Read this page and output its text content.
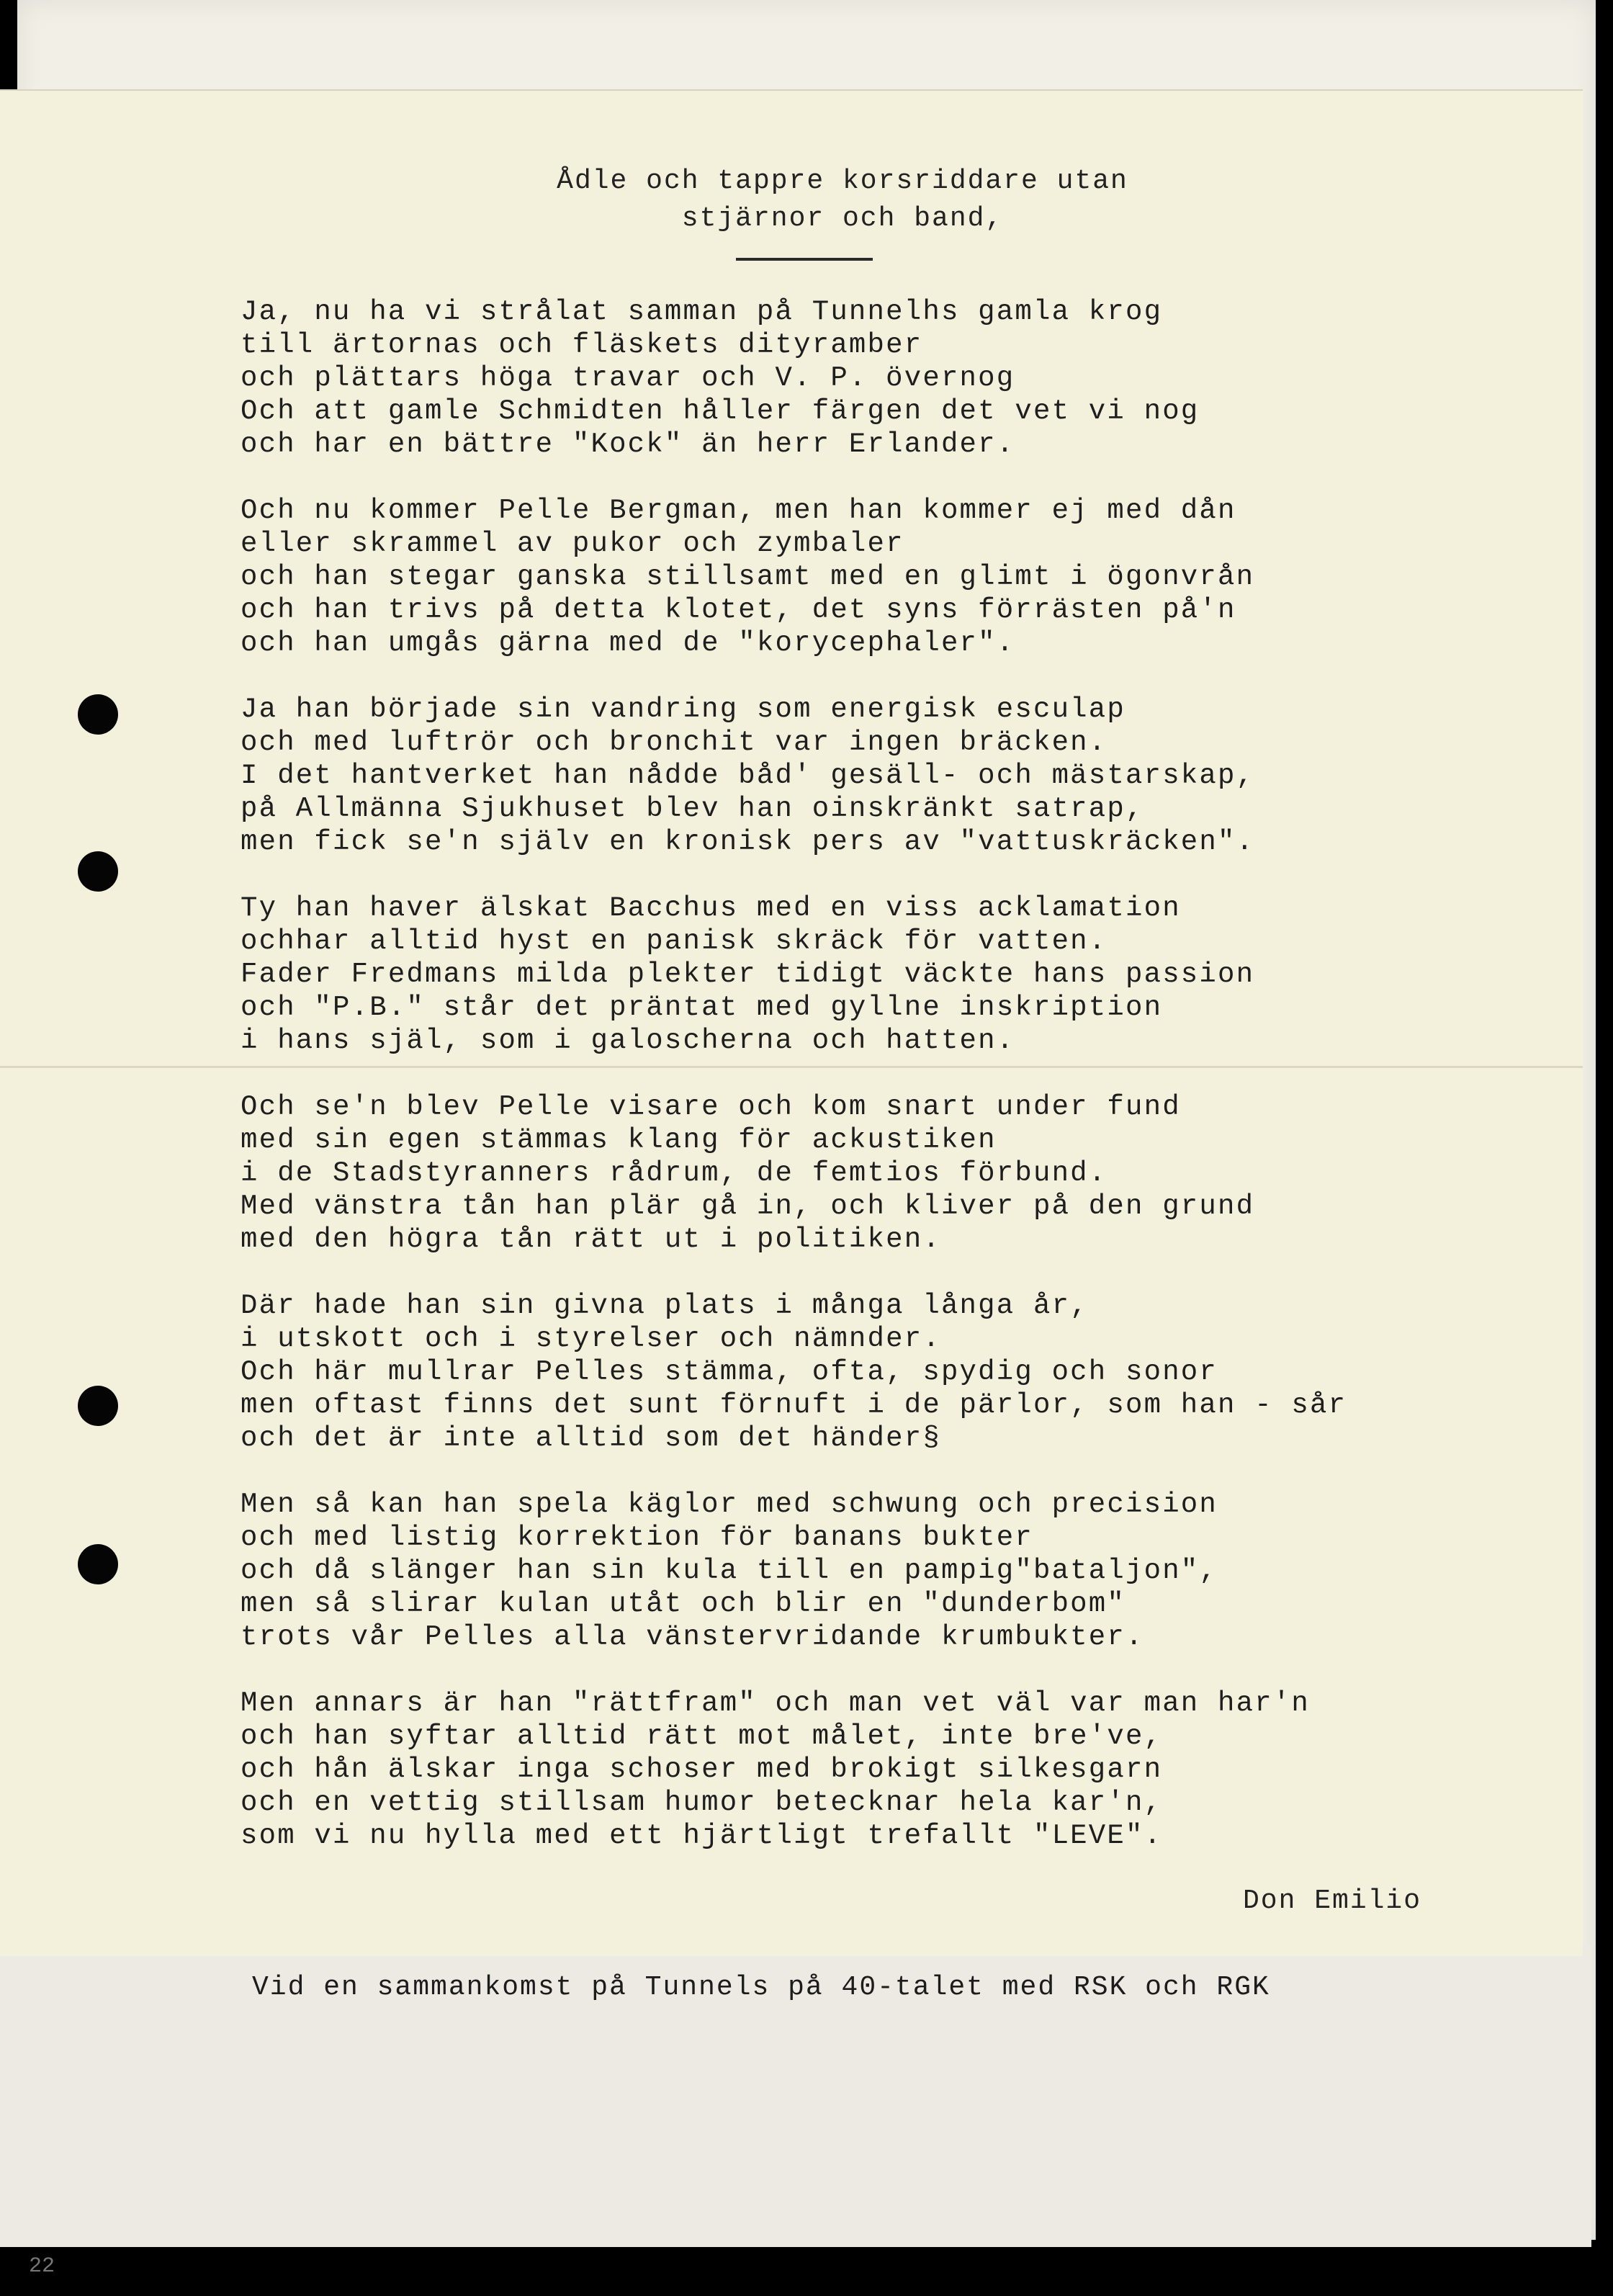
Ådle och tappre korsriddare utan
stjärnor och band,
Ja, nu ha vi strålat samman på Tunnelhs gamla krog
till ärtornas och fläskets dityramber
och plättars höga travar och V. P. övernog
Och att gamle Schmidten håller färgen det vet vi nog
och har en bättre "Kock" än herr Erlander.
Och nu kommer Pelle Bergman, men han kommer ej med dån
eller skrammel av pukor och zymbaler
och han stegar ganska stillsamt med en glimt i ögonvrån
och han trivs på detta klotet, det syns förrästen på'n
och han umgås gärna med de "korycephaler".
Ja han började sin vandring som energisk esculap
och med luftrör och bronchit var ingen bräcken.
I det hantverket han nådde båd' gesäll- och mästarskap,
på Allmänna Sjukhuset blev han oinskränkt satrap,
men fick se'n själv en kronisk pers av "vattuskräcken".
Ty han haver älskat Bacchus med en viss acklamation
ochhar alltid hyst en panisk skräck för vatten.
Fader Fredmans milda plekter tidigt väckte hans passion
och "P.B." står det präntat med gyllne inskription
i hans själ, som i galoscherna och hatten.
Och se'n blev Pelle visare och kom snart under fund
med sin egen stämmas klang för ackustiken
i de Stadstyranners rådrum, de femtios förbund.
Med vänstra tån han plär gå in, och kliver på den grund
med den högra tån rätt ut i politiken.
Där hade han sin givna plats i många långa år,
i utskott och i styrelser och nämnder.
Och här mullrar Pelles stämma, ofta, spydig och sonor
men oftast finns det sunt förnuft i de pärlor, som han - sår
och det är inte alltid som det händer§
Men så kan han spela käglor med schwung och precision
och med listig korrektion för banans bukter
och då slänger han sin kula till en pampig"bataljon",
men så slirar kulan utåt och blir en "dunderbom"
trots vår Pelles alla vänstervridande krumbukter.
Men annars är han "rättfram" och man vet väl var man har'n
och han syftar alltid rätt mot målet, inte bre've,
och hån älskar inga schoser med brokigt silkesgarn
och en vettig stillsam humor betecknar hela kar'n,
som vi nu hylla med ett hjärtligt trefallt "LEVE".
Don Emilio
Vid en sammankomst på Tunnels på 40-talet med RSK och RGK
22
